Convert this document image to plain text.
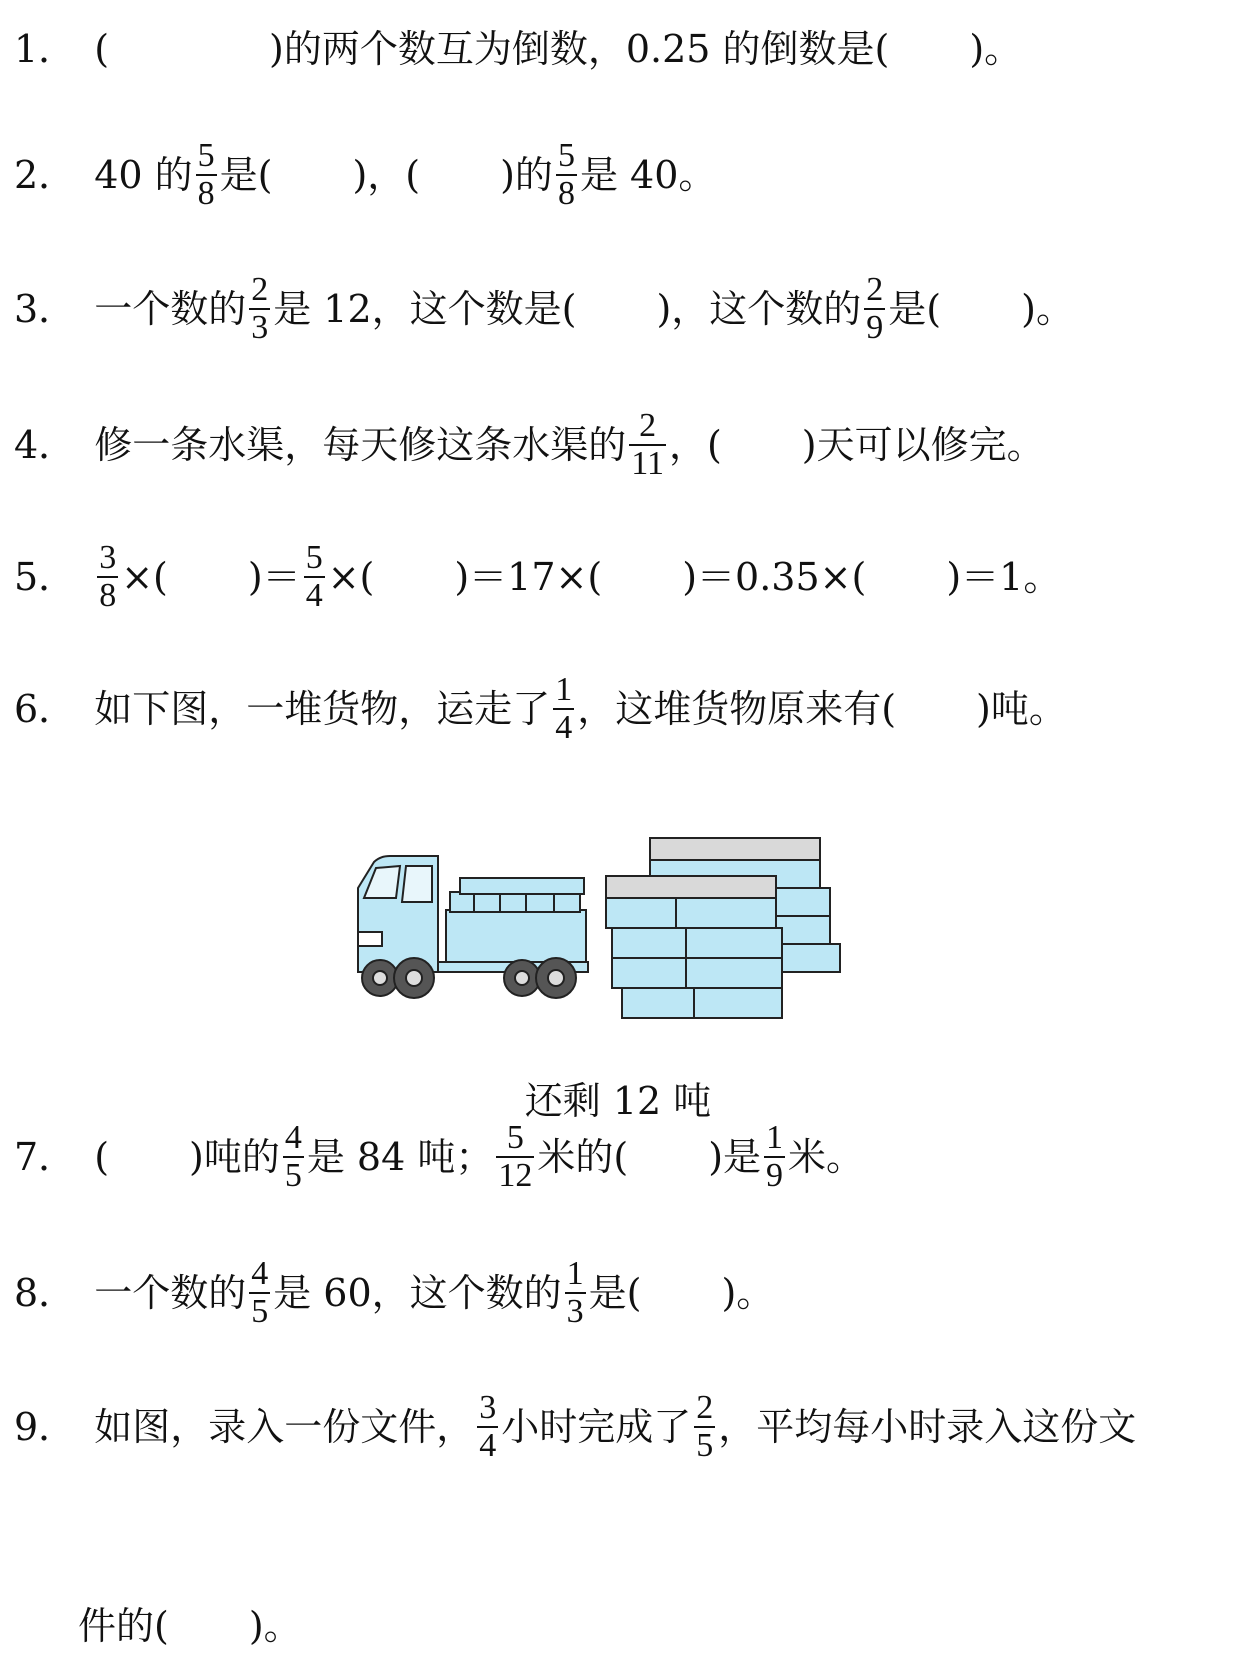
1． (	)的两个数互为倒数，0.25 的倒数是( )。
2． 40 的 $\frac{5}{8}$ 是( )，( )的 $\frac{5}{8}$ 是 40。
3． 一个数的 $\frac{2}{3}$ 是 12，这个数是( )，这个数的 $\frac{2}{9}$ 是( )。
4． 修一条水渠，每天修这条水渠的 $\frac{2}{11}$ ，( )天可以修完。
5． $\frac{3}{8}$ ×( )＝ $\frac{5}{4}$ ×( )＝17×( )＝0.35×( )＝1。
6． 如下图，一堆货物，运走了 $\frac{1}{4}$ ，这堆货物原来有( )吨。
还剩 12 吨
7． ( )吨的 $\frac{4}{5}$ 是 84 吨； $\frac{5}{12}$ 米的( )是 $\frac{1}{9}$ 米。
8． 一个数的 $\frac{4}{5}$ 是 60，这个数的 $\frac{1}{3}$ 是( )。
9． 如图，录入一份文件， $\frac{3}{4}$ 小时完成了 $\frac{2}{5}$ ，平均每小时录入这份文
件的( )。
